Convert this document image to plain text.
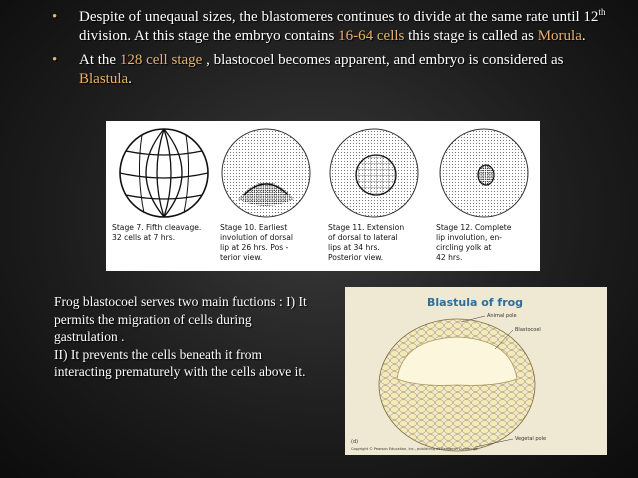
• Despite of uneqaual sizes, the blastomeres continues to divide at the same rate until 12th division. At this stage the embryo contains 16-64 cells this stage is called as Morula.
• At the 128 cell stage , blastocoel becomes apparent, and embryo is considered as Blastula.
Stage 7. Fifth cleavage.
32 cells at 7 hrs.
Stage 10. Earliest
involution of dorsal
lip at 26 hrs. Pos -
terior view.
Stage 11. Extension
of dorsal to lateral
lips at 34 hrs.
Posterior view.
Stage 12. Complete
lip involution, en-
circling yolk at
42 hrs.

Frog blastocoel serves two main fuctions : I) It permits the migration of cells during gastrulation .

II) It prevents the cells beneath it from interacting prematurely with the cells above it.

Blastula of frog
Animal pole
Blastocoel
Vegetal pole
(d)
Copyright © Pearson Education, Inc., publishing as Benjamin Cummings
